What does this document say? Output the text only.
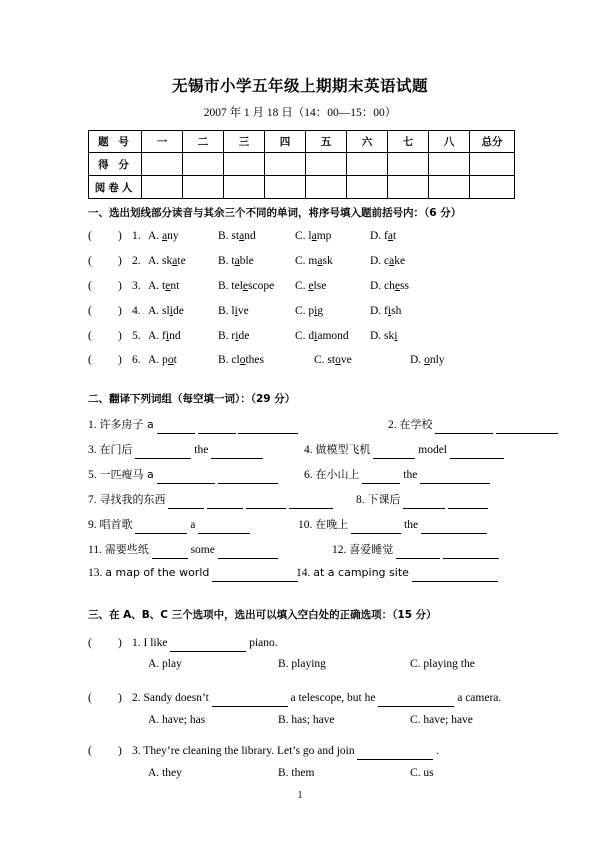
无锡市小学五年级上期期末英语试题
2007 年 1 月 18 日（14：00—15：00）
题 号	一	二	三	四	五	六	七	八	总分
得 分									
阅卷人									
一、选出划线部分读音与其余三个不同的单词，将序号填入题前括号内：（6 分）
( ) 1. A. any	B. stand	C. lamp	D. fat
( ) 2. A. skate	B. table	C. mask	D. cake
( ) 3. A. tent	B. telescope C. else	D. chess
( ) 4. A. slide	B. live	C. pig	D. fish
( ) 5. A. find	B. ride	C. diamond D. ski
( ) 6. A. pot	B. clothes	C. stove	D. only
二、翻译下列词组（每空填一词）：（29 分）
1. 许多房子 a	2. 在学校
3. 在门后	the	4. 做模型飞机	model
5. 一匹瘦马 a	6. 在小山上	the
7. 寻找我的东西	8. 下课后
9. 唱首歌	a	10. 在晚上	the
11. 需要些纸	some	12. 喜爱睡觉
13. a map of the world	14. at a camping site
三、在 A、B、C 三个选项中，选出可以填入空白处的正确选项：（15 分）
( ) 1. I like	piano.
A. play	B. playing	C. playing the
( ) 2. Sandy doesn’t	a telescope, but he	a camera.
A. have; has	B. has; have	C. have; have
( ) 3. They’re cleaning the library. Let’s go and join	.
A. they	B. them	C. us
1
